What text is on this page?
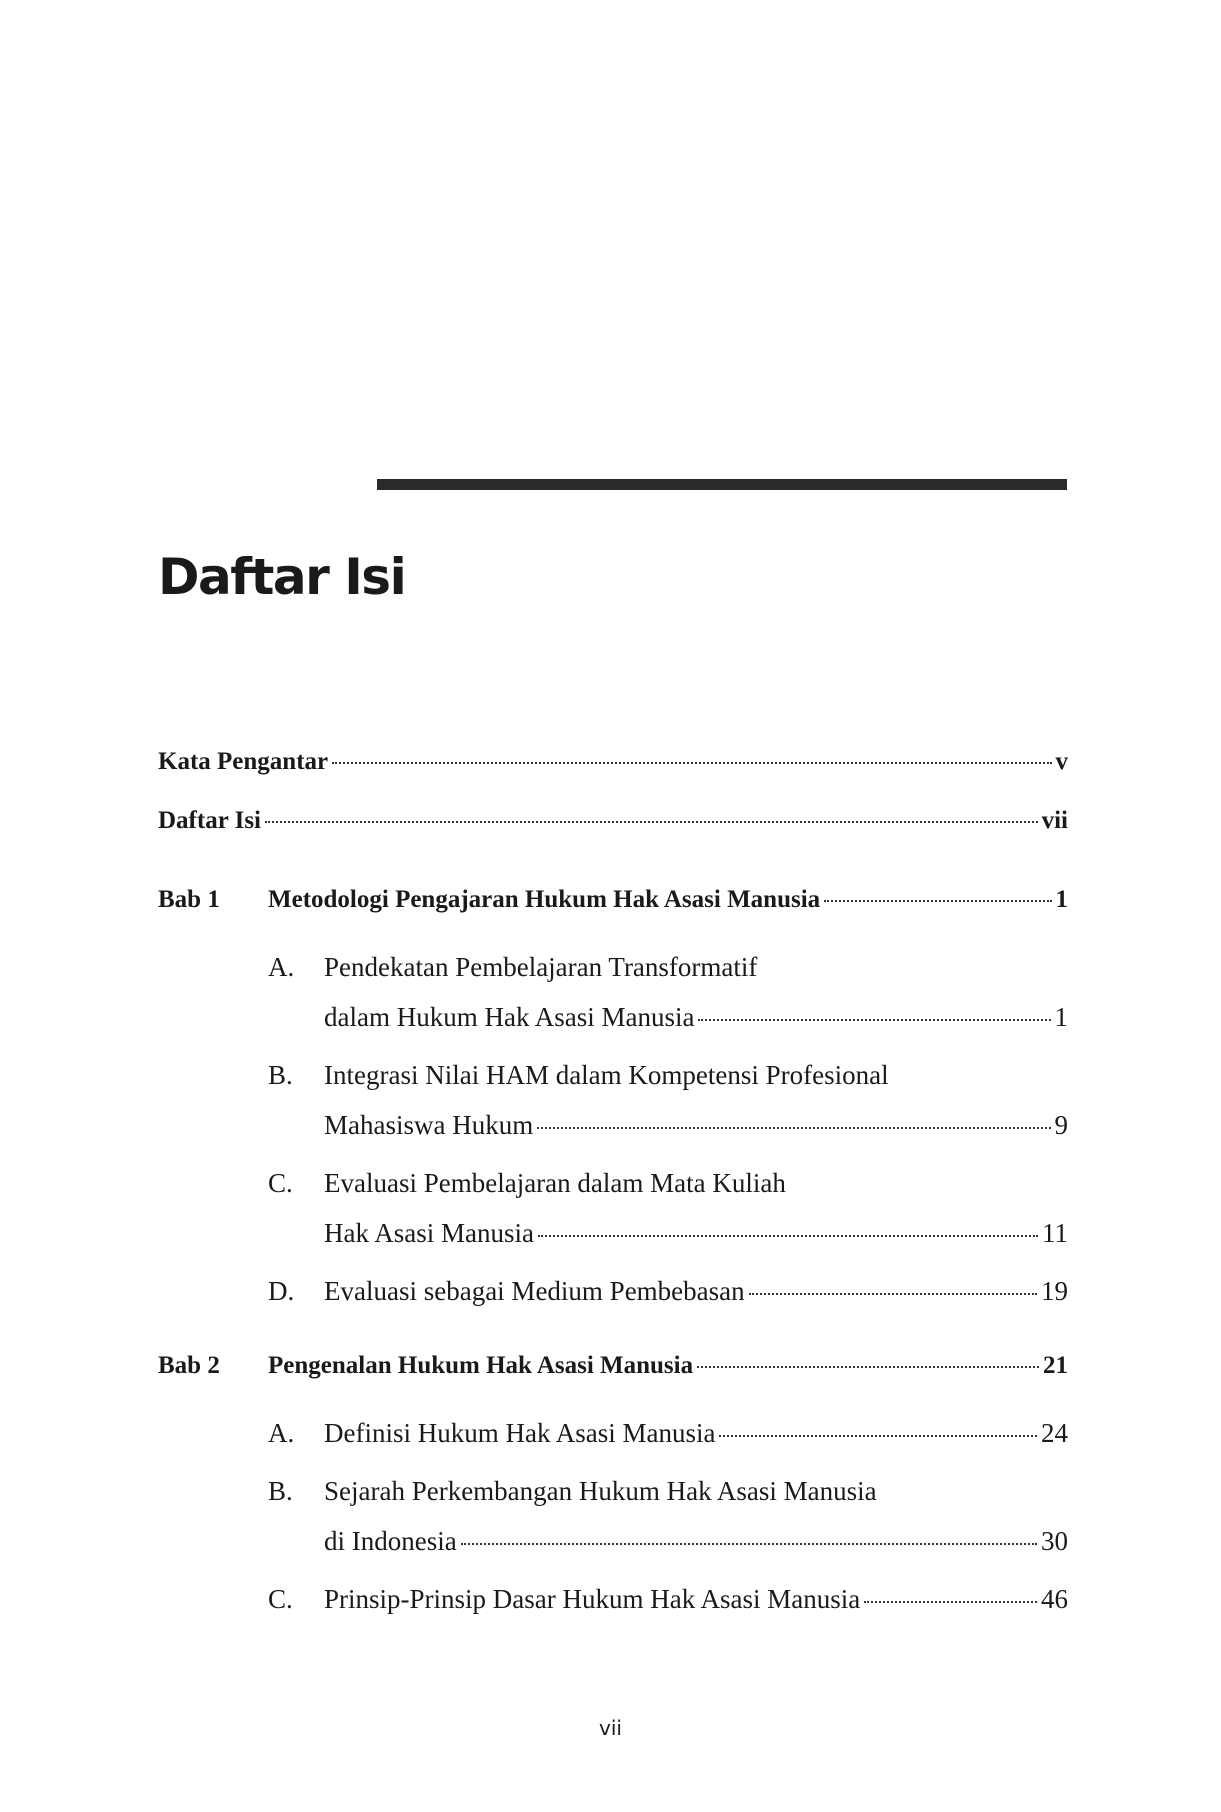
Daftar Isi
Kata Pengantar	v
Daftar Isi	vii
Bab 1	Metodologi Pengajaran Hukum Hak Asasi Manusia	1
A.	Pendekatan Pembelajaran Transformatif
dalam Hukum Hak Asasi Manusia	1
B.	Integrasi Nilai HAM dalam Kompetensi Profesional
Mahasiswa Hukum	9
C.	Evaluasi Pembelajaran dalam Mata Kuliah
Hak Asasi Manusia	11
D.	Evaluasi sebagai Medium Pembebasan	19
Bab 2	Pengenalan Hukum Hak Asasi Manusia	21
A.	Definisi Hukum Hak Asasi Manusia	24
B.	Sejarah Perkembangan Hukum Hak Asasi Manusia
di Indonesia	30
C.	Prinsip-Prinsip Dasar Hukum Hak Asasi Manusia	46
vii
